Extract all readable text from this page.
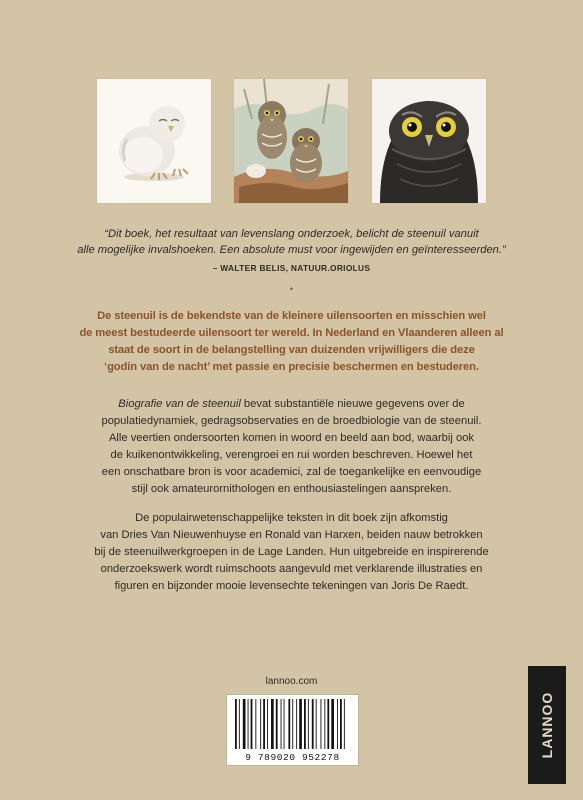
“Dit boek, het resultaat van levenslang onderzoek, belicht de steenuil vanuit
alle mogelijke invalshoeken. Een absolute must voor ingewijden en geïnteresseerden.”
– WALTER BELIS, NATUUR.ORIOLUS
•
De steenuil is de bekendste van de kleinere uilensoorten en misschien wel
de meest bestudeerde uilensoort ter wereld. In Nederland en Vlaanderen alleen al
staat de soort in de belangstelling van duizenden vrijwilligers die deze
‘godin van de nacht’ met passie en precisie beschermen en bestuderen.
Biografie van de steenuil bevat substantiële nieuwe gegevens over de
populatiedynamiek, gedragsobservaties en de broedbiologie van de steenuil.
Alle veertien ondersoorten komen in woord en beeld aan bod, waarbij ook
de kuikenontwikkeling, verengroei en rui worden beschreven. Hoewel het
een onschatbare bron is voor academici, zal de toegankelijke en eenvoudige
stijl ook amateurornithologen en enthousiastelingen aanspreken.
De populairwetenschappelijke teksten in dit boek zijn afkomstig
van Dries Van Nieuwenhuyse en Ronald van Harxen, beiden nauw betrokken
bij de steenuilwerkgroepen in de Lage Landen. Hun uitgebreide en inspirerende
onderzoekswerk wordt ruimschoots aangevuld met verklarende illustraties en
figuren en bijzonder mooie levensechte tekeningen van Joris De Raedt.
lannoo.com
9 789020 952278	LANNOO
